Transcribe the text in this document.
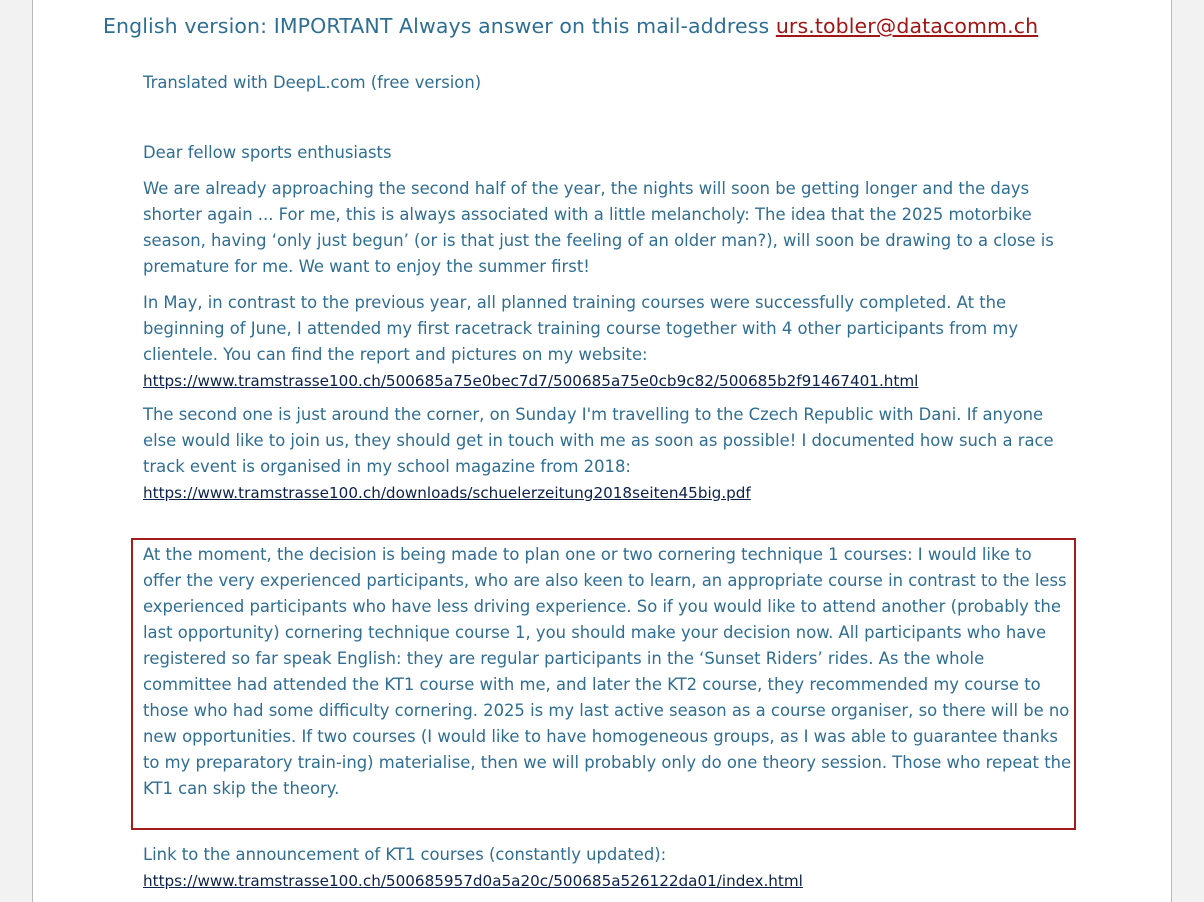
English version: IMPORTANT Always answer on this mail-address urs.tobler@datacomm.ch

Translated with DeepL.com (free version)

Dear fellow sports enthusiasts

We are already approaching the second half of the year, the nights will soon be getting longer and the days shorter again ... For me, this is always associated with a little melancholy: The idea that the 2025 motorbike season, having ‘only just begun’ (or is that just the feeling of an older man?), will soon be drawing to a close is premature for me. We want to enjoy the summer first!

In May, in contrast to the previous year, all planned training courses were successfully completed. At the beginning of June, I attended my first racetrack training course together with 4 other participants from my clientele. You can find the report and pictures on my website:

https://www.tramstrasse100.ch/500685a75e0bec7d7/500685a75e0cb9c82/500685b2f91467401.html

The second one is just around the corner, on Sunday I'm travelling to the Czech Republic with Dani. If anyone else would like to join us, they should get in touch with me as soon as possible! I documented how such a race track event is organised in my school magazine from 2018:

https://www.tramstrasse100.ch/downloads/schuelerzeitung2018seiten45big.pdf

At the moment, the decision is being made to plan one or two cornering technique 1 courses: I would like to offer the very experienced participants, who are also keen to learn, an appropriate course in contrast to the less experienced participants who have less driving experience. So if you would like to attend another (probably the last opportunity) cornering technique course 1, you should make your decision now. All participants who have registered so far speak English: they are regular participants in the ‘Sunset Riders’ rides. As the whole committee had attended the KT1 course with me, and later the KT2 course, they recommended my course to those who had some difficulty cornering. 2025 is my last active season as a course organiser, so there will be no new opportunities. If two courses (I would like to have homogeneous groups, as I was able to guarantee thanks to my preparatory train-ing) materialise, then we will probably only do one theory session. Those who repeat the KT1 can skip the theory.

Link to the announcement of KT1 courses (constantly updated):

https://www.tramstrasse100.ch/500685957d0a5a20c/500685a526122da01/index.html
